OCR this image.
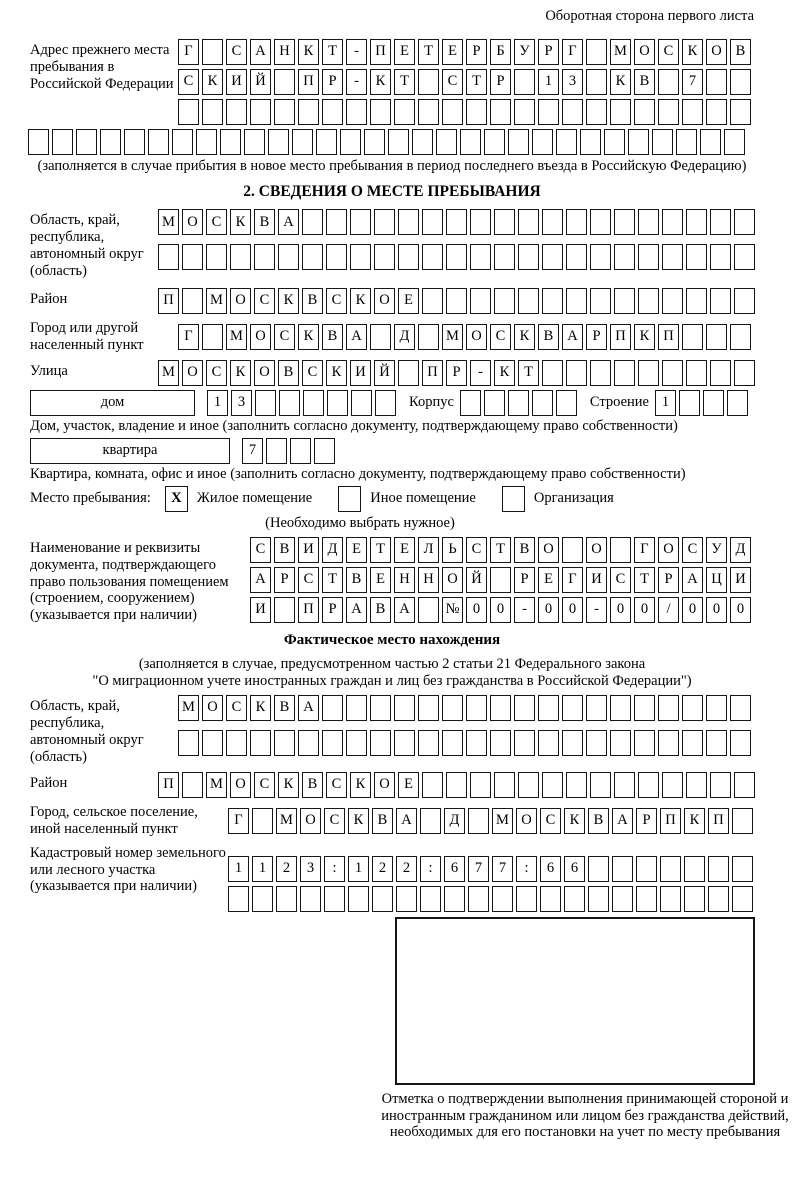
Оборотная сторона первого листа
Адрес прежнего места пребывания в Российской Федерации
Г	С А Н К	Т	-	П Е	Т	Е	Р	Б	У	Р	Г	М О С К О В
С К И Й	П	Р	-	К	Т	С	Т	Р	1	3	К В	7
(заполняется в случае прибытия в новое место пребывания в период последнего въезда в Российскую Федерацию)
2. СВЕДЕНИЯ О МЕСТЕ ПРЕБЫВАНИЯ
Область, край, республика, автономный округ (область)
М О С К В А
Район	П	М О С К В С К О Е
Город или другой населенный пункт
Г	М О С К В А	Д	М О С К В А	Р	П К П
Улица	М О С К О В С К И Й	П	Р	-	К	Т
дом	1	3	Корпус	Строение 1
Дом, участок, владение и иное (заполнить согласно документу, подтверждающему право собственности)
квартира	7
Квартира, комната, офис и иное (заполнить согласно документу, подтверждающему право собственности)
Место пребывания:	X	Жилое помещение	Иное помещение	Организация
(Необходимо выбрать нужное)
Наименование и реквизиты документа, подтверждающего право пользования помещением (строением, сооружением) (указывается при наличии)
С В И Д	Е	Т	Е	Л	Ь	С	Т	В О	О	Г	О С У Д
А	Р	С	Т	В	Е Н Н О Й	Р	Е	Г	И С	Т	Р	А Ц И
И	П	Р	А В А	№ 0	0	-	0	0	-	0	0	/	0	0	0
Фактическое место нахождения
(заполняется в случае, предусмотренном частью 2 статьи 21 Федерального закона
"О миграционном учете иностранных граждан и лиц без гражданства в Российской Федерации")
Область, край, республика, автономный округ (область)
М О С К В А
Район	П	М О С К В С К О Е
Город, сельское поселение, иной населенный пункт
Г	М О С К В А	Д	М О С К В А	Р	П К П
Кадастровый номер земельного или лесного участка (указывается при наличии)
1	1	2	3	:	1	2	2	:	6	7	7	:	6	6
Отметка о подтверждении выполнения принимающей стороной и иностранным гражданином или лицом без гражданства действий, необходимых для его постановки на учет по месту пребывания
